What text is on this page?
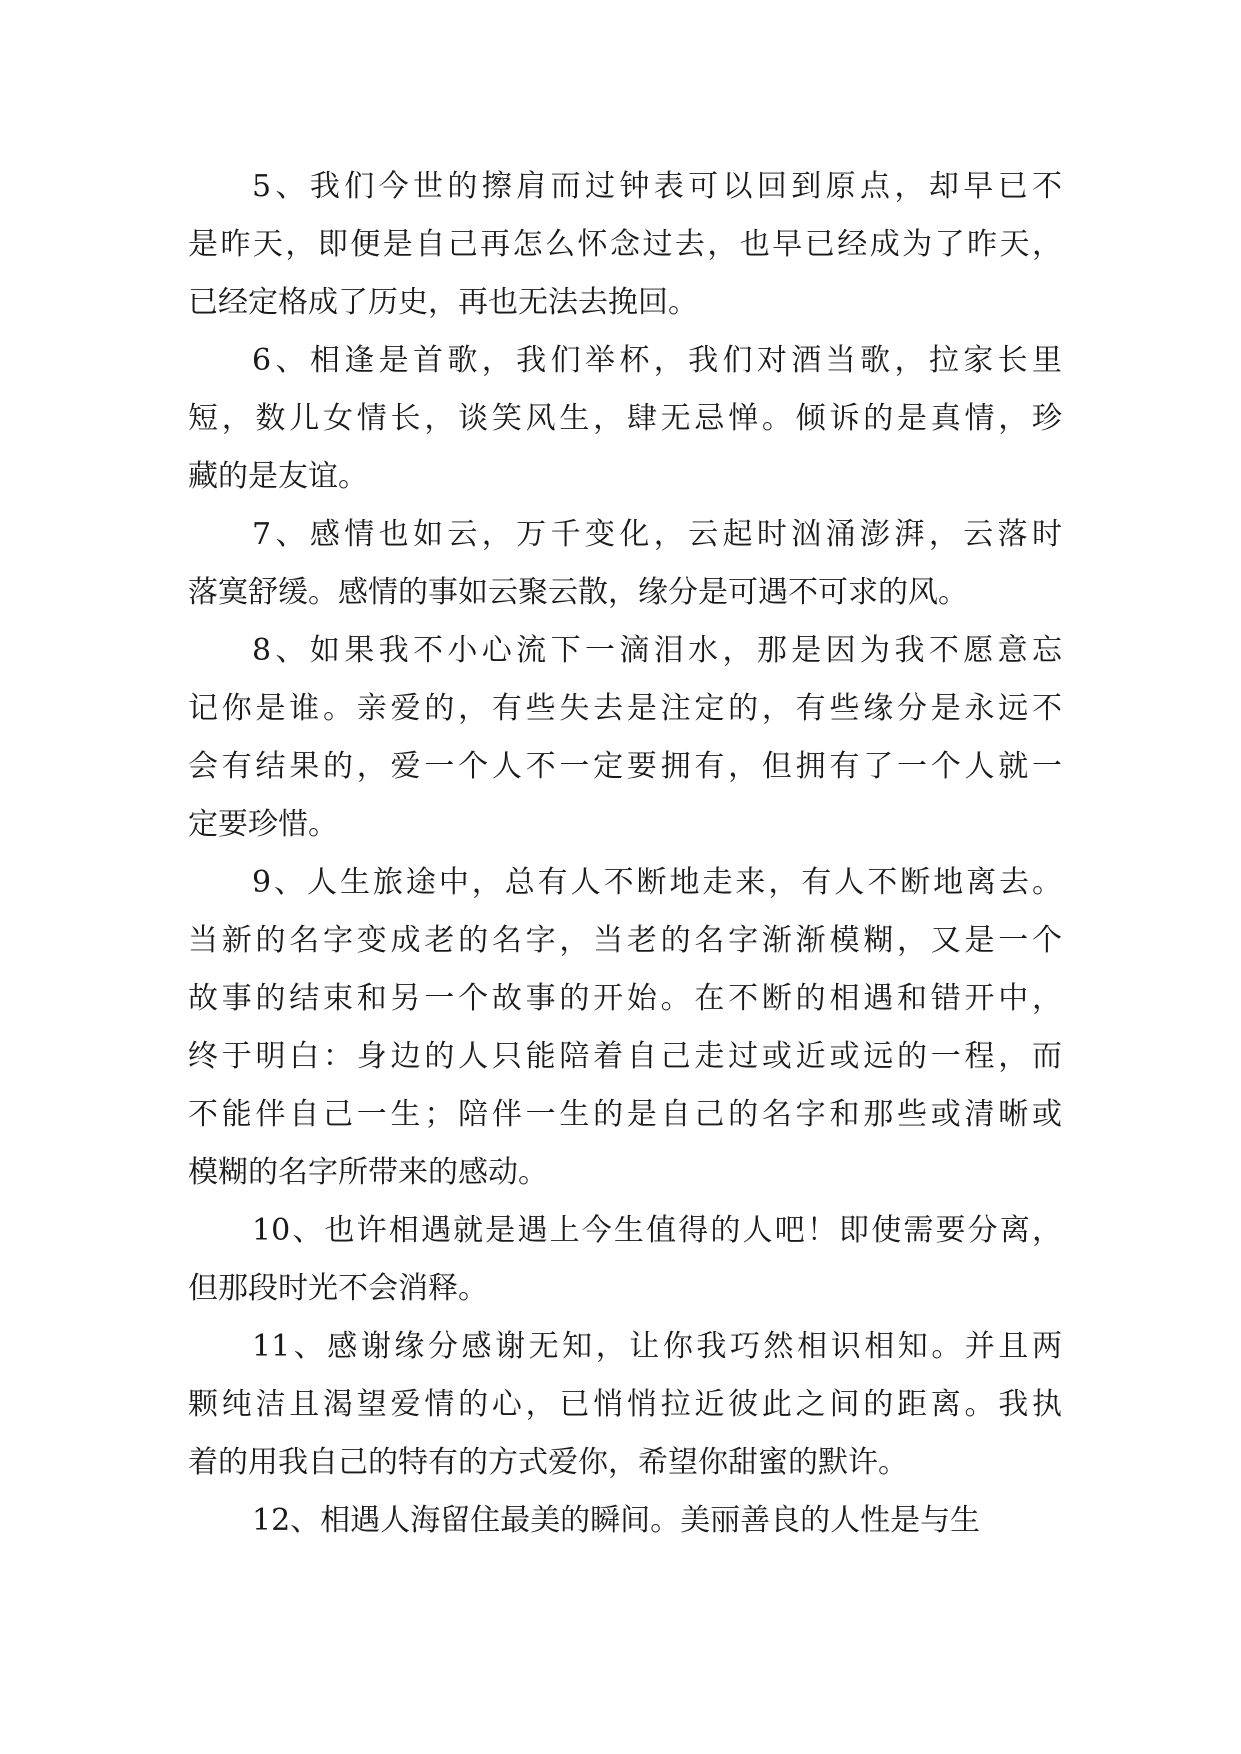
5、我们今世的擦肩而过钟表可以回到原点，却早已不
是昨天，即便是自己再怎么怀念过去，也早已经成为了昨天，
已经定格成了历史，再也无法去挽回。
6、相逢是首歌，我们举杯，我们对酒当歌，拉家长里
短，数儿女情长，谈笑风生，肆无忌惮。倾诉的是真情，珍
藏的是友谊。
7、感情也如云，万千变化，云起时汹涌澎湃，云落时
落寞舒缓。感情的事如云聚云散，缘分是可遇不可求的风。
8、如果我不小心流下一滴泪水，那是因为我不愿意忘
记你是谁。亲爱的，有些失去是注定的，有些缘分是永远不
会有结果的，爱一个人不一定要拥有，但拥有了一个人就一
定要珍惜。
9、人生旅途中，总有人不断地走来，有人不断地离去。
当新的名字变成老的名字，当老的名字渐渐模糊，又是一个
故事的结束和另一个故事的开始。在不断的相遇和错开中，
终于明白：身边的人只能陪着自己走过或近或远的一程，而
不能伴自己一生；陪伴一生的是自己的名字和那些或清晰或
模糊的名字所带来的感动。
10、也许相遇就是遇上今生值得的人吧！即使需要分离，
但那段时光不会消释。
11、感谢缘分感谢无知，让你我巧然相识相知。并且两
颗纯洁且渴望爱情的心，已悄悄拉近彼此之间的距离。我执
着的用我自己的特有的方式爱你，希望你甜蜜的默许。
12、相遇人海留住最美的瞬间。美丽善良的人性是与生
